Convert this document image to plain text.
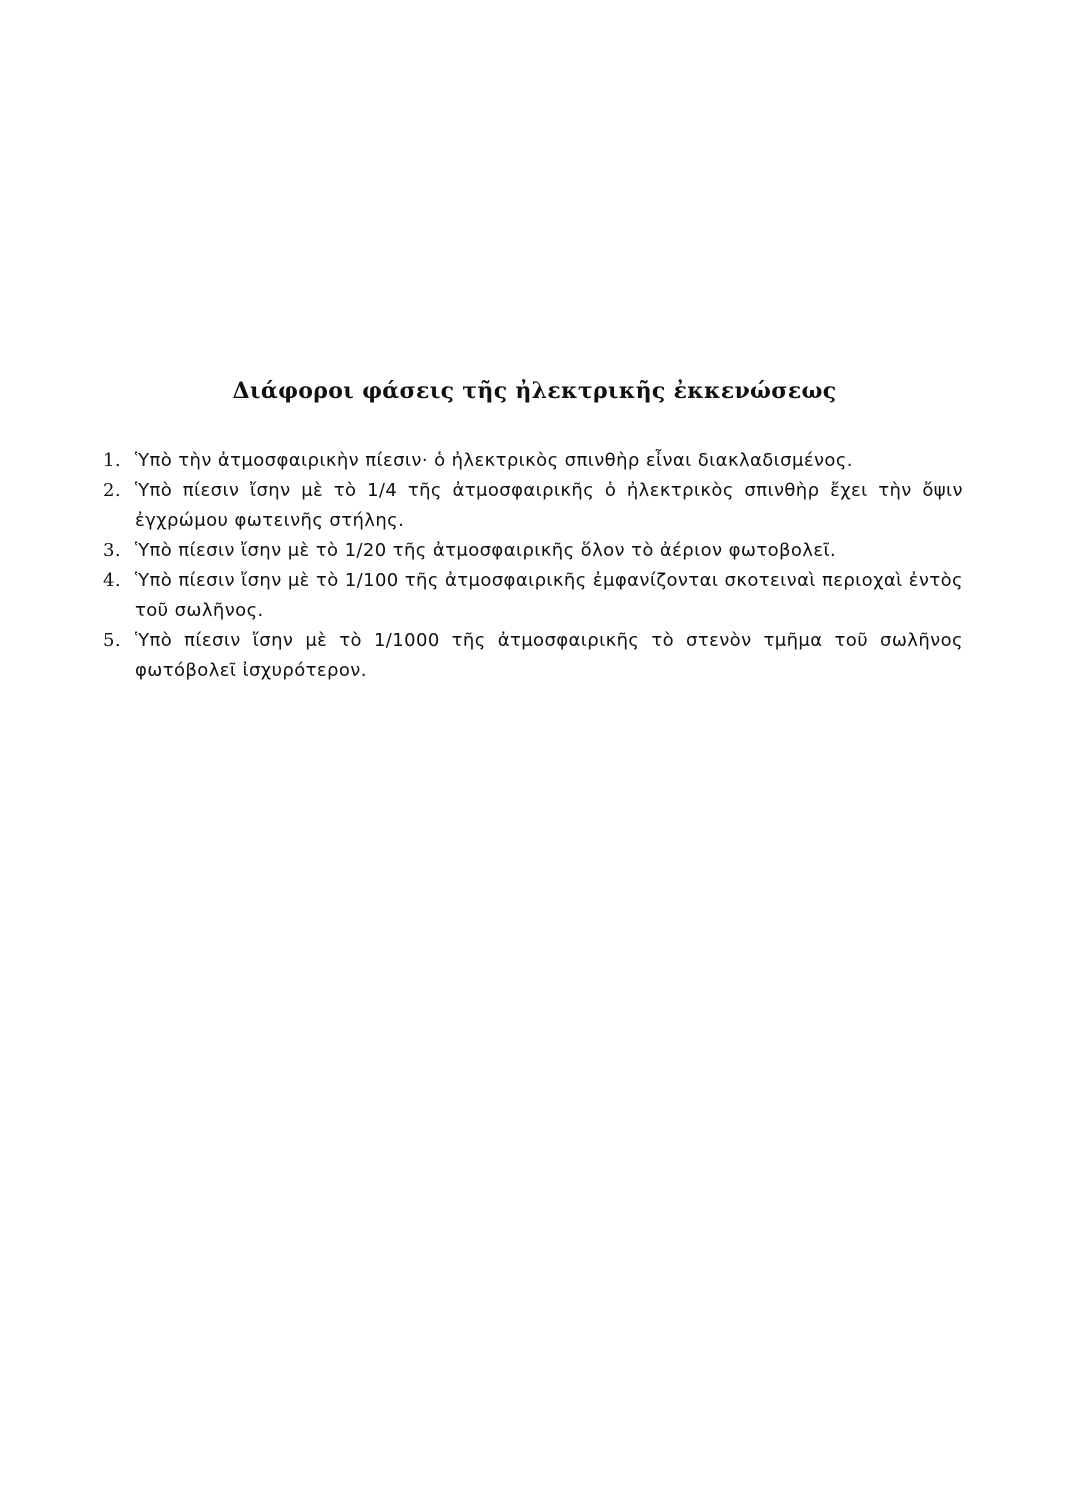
Διάφοροι φάσεις τῆς ἠλεκτρικῆς ἐκκενώσεως
1. Ὑπὸ τὴν ἀτμοσφαιρικὴν πίεσιν· ὁ ἠλεκτρικὸς σπινθὴρ εἶναι διακλαδισμένος.
2. Ὑπὸ πίεσιν ἴσην μὲ τὸ 1/4 τῆς ἀτμοσφαιρικῆς ὁ ἠλεκτρικὸς σπινθὴρ ἔχει τὴν ὄψιν ἐγχρώμου φωτεινῆς στήλης.
3. Ὑπὸ πίεσιν ἴσην μὲ τὸ 1/20 τῆς ἀτμοσφαιρικῆς ὅλον τὸ ἀέριον φωτοβολεῖ.
4. Ὑπὸ πίεσιν ἴσην μὲ τὸ 1/100 τῆς ἀτμοσφαιρικῆς ἐμφανίζονται σκοτειναὶ περιοχαὶ ἐντὸς τοῦ σωλῆνος.
5. Ὑπὸ πίεσιν ἴσην μὲ τὸ 1/1000 τῆς ἀτμοσφαιρικῆς τὸ στενὸν τμῆμα τοῦ σωλῆνος φωτόβολεῖ ἰσχυρότερον.
